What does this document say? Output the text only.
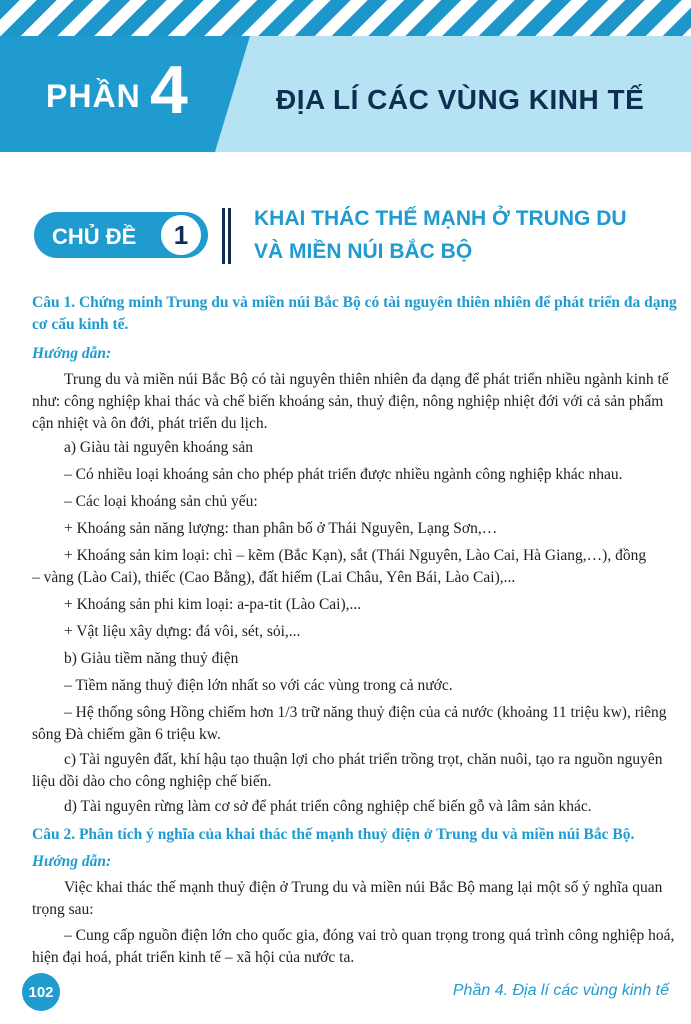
PHẦN 4	ĐỊA LÍ CÁC VÙNG KINH TẾ
CHỦ ĐỀ	1
KHAI THÁC THẾ MẠNH Ở TRUNG DU
VÀ MIỀN NÚI BẮC BỘ
Câu 1. Chứng minh Trung du và miền núi Bắc Bộ có tài nguyên thiên nhiên để phát triển đa dạng
cơ cấu kinh tế.
Hướng dẫn:
Trung du và miền núi Bắc Bộ có tài nguyên thiên nhiên đa dạng để phát triển nhiều ngành kinh tế
như: công nghiệp khai thác và chế biến khoáng sản, thuỷ điện, nông nghiệp nhiệt đới với cả sản phẩm
cận nhiệt và ôn đới, phát triển du lịch.
a) Giàu tài nguyên khoáng sản
– Có nhiều loại khoáng sản cho phép phát triển được nhiều ngành công nghiệp khác nhau.
– Các loại khoáng sản chủ yếu:
+ Khoáng sản năng lượng: than phân bố ở Thái Nguyên, Lạng Sơn,…
+ Khoáng sản kim loại: chì – kẽm (Bắc Kạn), sắt (Thái Nguyên, Lào Cai, Hà Giang,…), đồng
– vàng (Lào Cai), thiếc (Cao Bằng), đất hiếm (Lai Châu, Yên Bái, Lào Cai),...
+ Khoáng sản phi kim loại: a-pa-tit (Lào Cai),...
+ Vật liệu xây dựng: đá vôi, sét, sỏi,...
b) Giàu tiềm năng thuỷ điện
– Tiềm năng thuỷ điện lớn nhất so với các vùng trong cả nước.
– Hệ thống sông Hồng chiếm hơn 1/3 trữ năng thuỷ điện của cả nước (khoảng 11 triệu kw), riêng
sông Đà chiếm gần 6 triệu kw.
c) Tài nguyên đất, khí hậu tạo thuận lợi cho phát triển trồng trọt, chăn nuôi, tạo ra nguồn nguyên
liệu dồi dào cho công nghiệp chế biến.
d) Tài nguyên rừng làm cơ sở để phát triển công nghiệp chế biến gỗ và lâm sản khác.
Câu 2. Phân tích ý nghĩa của khai thác thế mạnh thuỷ điện ở Trung du và miền núi Bắc Bộ.
Hướng dẫn:
Việc khai thác thế mạnh thuỷ điện ở Trung du và miền núi Bắc Bộ mang lại một số ý nghĩa quan
trọng sau:
– Cung cấp nguồn điện lớn cho quốc gia, đóng vai trò quan trọng trong quá trình công nghiệp hoá,
hiện đại hoá, phát triển kinh tế – xã hội của nước ta.
102	Phần 4. Địa lí các vùng kinh tế
